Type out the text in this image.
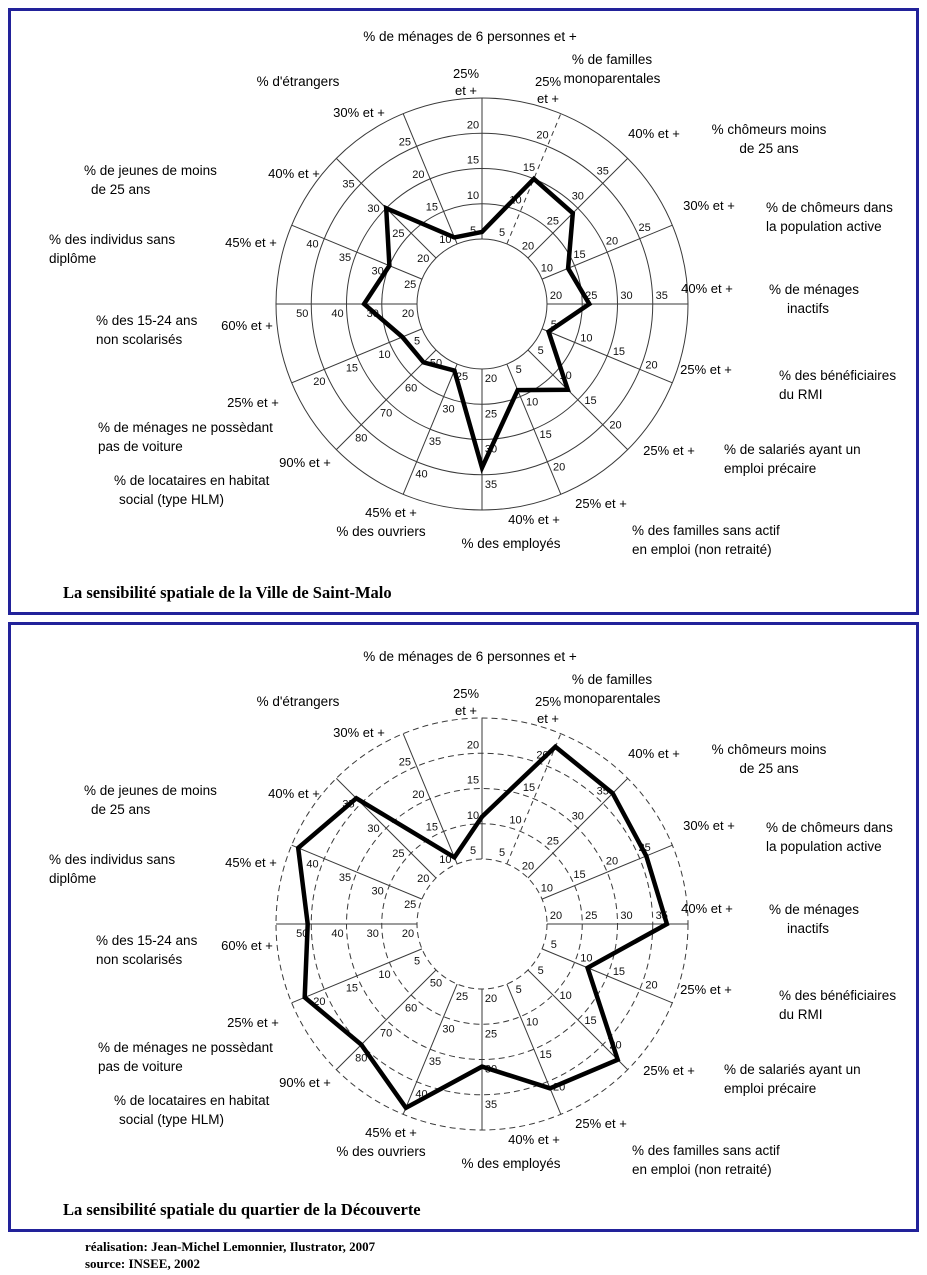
5
10
15
20
25% et +
% de ménages de 6 personnes et +
5
10
15
20
25% et +
% de familles monoparentales
20
25
30
35
40% et + % chômeurs moins de 25 ans
10
15
20
25
30% et + % de chômeurs dans la population active
20 25 30 35 40% et +	% de ménages inactifs
5
10
15
20 25% et +	% des bénéficiaires du RMI
5
10
15
20
25% et + % de salariés ayant un emploi précaire
5
10
15
20
25% et +
% des familles sans actif en emploi (non retraité)
20
25
30
35
40% et +
% des employés
25
30
35
40
45% et +
% des ouvriers
50
60
70
80
90% et +
% de locataires en habitat social (type HLM)
5
10
15
20
25% et +
% de ménages ne possèdant pas de voiture
20
30
40
50
60% et +
% des 15-24 ans non scolarisés
25
30
35
40
45% et +
% des individus sans diplôme	20
25
30
35
40% et +
% de jeunes de moins de 25 ans
10
15
20
25
30% et +
% d'étrangers
La sensibilité spatiale de la Ville de Saint-Malo
5
10
15
20
25% et +
% de ménages de 6 personnes et +
5
10
15
20
25% et +
% de familles monoparentales
20
25
30
35
40% et + % chômeurs moins de 25 ans
10
15
20
25
30% et + % de chômeurs dans la population active
20 25 30 35 40% et +	% de ménages inactifs
5
10
15
20 25% et +	% des bénéficiaires du RMI
5
10
15
20
25% et + % de salariés ayant un emploi précaire
5
10
15
20
25% et +
% des familles sans actif en emploi (non retraité)
20
25
30
35
40% et +
% des employés
25
30
35
40
45% et +
% des ouvriers
50
60
70
80
90% et +
% de locataires en habitat social (type HLM)
5
10
15
20
25% et +
% de ménages ne possèdant pas de voiture
20
30
40
50
60% et +
% des 15-24 ans non scolarisés
25
30
35
40
45% et +
% des individus sans diplôme	20
25
30
35
40% et +
% de jeunes de moins de 25 ans
10
15
20
25
30% et +
% d'étrangers
La sensibilité spatiale du quartier de la Découverte
réalisation: Jean-Michel Lemonnier, Ilustrator, 2007
source: INSEE, 2002
